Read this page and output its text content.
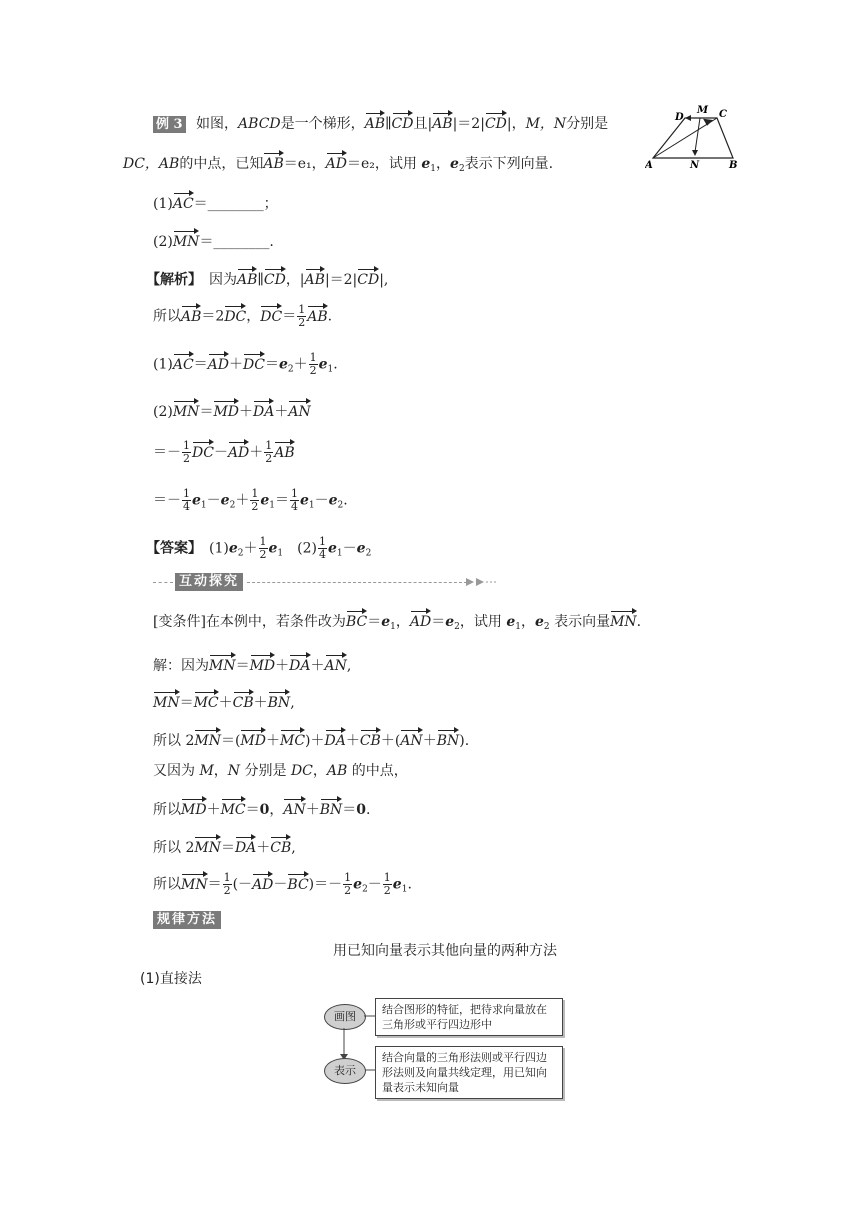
例 3 如图，ABCD是一个梯形，AB∥CD且|AB|＝2|CD|，M，N分别是
DC，AB的中点，已知AB＝e₁，AD＝e₂，试用 $e_1$，$e_2$表示下列向量.	A	B
C
D
M
N
(1)AC＝________；
(2)MN＝________.
【解析】　 因为AB∥CD，|AB|＝2|CD|,
所以AB＝2DC，$DC= \frac{1}{2}$ AB.
$(1)AC=AD+DC=e_2+ \frac{1}{2} e_1$.
(2)MN＝MD＋DA＋AN
＝－ $\frac{1}{2} DC-AD+ \frac{1}{2}$ AB
＝－ $\frac{1}{4} e_1-e_2+ \frac{1}{2} e_1= \frac{1}{4} e_1-e_2$.
【答案】　$(1)e_2+ \frac{1}{2} e_1$　$(2) \frac{1}{4} e_1-e_2$
互动探究
[变条件]在本例中，若条件改为$BC=e_1$，$AD=e_2$，试用 $e_1$，$e_2$ 表示向量MN.
解：因为MN＝MD＋DA＋AN,
MN＝MC＋CB＋BN,
所以 2MN＝(MD＋MC)＋DA＋CB＋(AN＋BN).
又因为 M，N 分别是 DC，AB 的中点，
所以MD＋MC＝0，AN＋BN＝0.
所以 2MN＝DA＋CB,
所以$MN= \frac{1}{2} (-AD-BC)=- \frac{1}{2} e_2- \frac{1}{2} e_1$.
规律方法
用已知向量表示其他向量的两种方法
(1)直接法
画图
结合图形的特征，把待求向量放在三角形或平行四边形中
表示
结合向量的三角形法则或平行四边形法则及向量共线定理，用已知向量表示未知向量
